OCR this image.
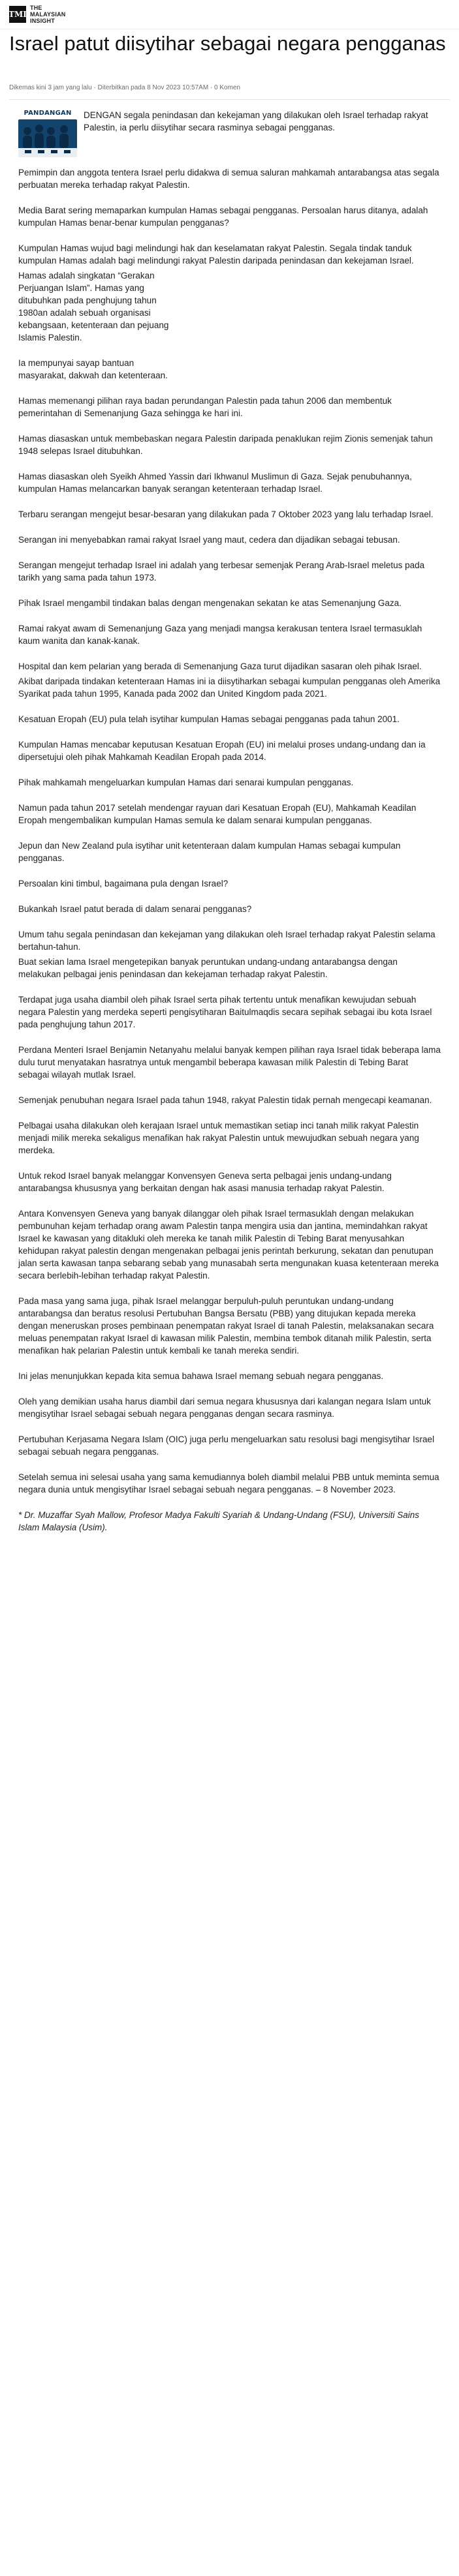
TMI
THE
MALAYSIAN
INSIGHT
Israel patut diisytihar sebagai negara pengganas
Dikemas kini 3 jam yang lalu · Diterbitkan pada 8 Nov 2023 10:57AM · 0 Komen
PANDANGAN	DENGAN segala penindasan dan kekejaman yang dilakukan oleh Israel terhadap rakyat Palestin, ia perlu diisytihar secara rasminya sebagai pengganas.

Pemimpin dan anggota tentera Israel perlu didakwa di semua saluran mahkamah antarabangsa atas segala perbuatan mereka terhadap rakyat Palestin.

Media Barat sering memaparkan kumpulan Hamas sebagai pengganas. Persoalan harus ditanya, adalah kumpulan Hamas benar-benar kumpulan pengganas?

Kumpulan Hamas wujud bagi melindungi hak dan keselamatan rakyat Palestin. Segala tindak tanduk kumpulan Hamas adalah bagi melindungi rakyat Palestin daripada penindasan dan kekejaman Israel.

Hamas adalah singkatan “Gerakan Perjuangan Islam”. Hamas yang ditubuhkan pada penghujung tahun 1980an adalah sebuah organisasi kebangsaan, ketenteraan dan pejuang Islamis Palestin.

Ia mempunyai sayap bantuan masyarakat, dakwah dan ketenteraan.

Hamas memenangi pilihan raya badan perundangan Palestin pada tahun 2006 dan membentuk pemerintahan di Semenanjung Gaza sehingga ke hari ini.

Hamas diasaskan untuk membebaskan negara Palestin daripada penaklukan rejim Zionis semenjak tahun 1948 selepas Israel ditubuhkan.

Hamas diasaskan oleh Syeikh Ahmed Yassin dari Ikhwanul Muslimun di Gaza. Sejak penubuhannya, kumpulan Hamas melancarkan banyak serangan ketenteraan terhadap Israel.

Terbaru serangan mengejut besar-besaran yang dilakukan pada 7 Oktober 2023 yang lalu terhadap Israel.

Serangan ini menyebabkan ramai rakyat Israel yang maut, cedera dan dijadikan sebagai tebusan.

Serangan mengejut terhadap Israel ini adalah yang terbesar semenjak Perang Arab-Israel meletus pada tarikh yang sama pada tahun 1973.

Pihak Israel mengambil tindakan balas dengan mengenakan sekatan ke atas Semenanjung Gaza.

Ramai rakyat awam di Semenanjung Gaza yang menjadi mangsa kerakusan tentera Israel termasuklah kaum wanita dan kanak-kanak.

Hospital dan kem pelarian yang berada di Semenanjung Gaza turut dijadikan sasaran oleh pihak Israel.

Akibat daripada tindakan ketenteraan Hamas ini ia diisytiharkan sebagai kumpulan pengganas oleh Amerika Syarikat pada tahun 1995, Kanada pada 2002 dan United Kingdom pada 2021.

Kesatuan Eropah (EU) pula telah isytihar kumpulan Hamas sebagai pengganas pada tahun 2001.

Kumpulan Hamas mencabar keputusan Kesatuan Eropah (EU) ini melalui proses undang-undang dan ia dipersetujui oleh pihak Mahkamah Keadilan Eropah pada 2014.

Pihak mahkamah mengeluarkan kumpulan Hamas dari senarai kumpulan pengganas.

Namun pada tahun 2017 setelah mendengar rayuan dari Kesatuan Eropah (EU), Mahkamah Keadilan Eropah mengembalikan kumpulan Hamas semula ke dalam senarai kumpulan pengganas.

Jepun dan New Zealand pula isytihar unit ketenteraan dalam kumpulan Hamas sebagai kumpulan pengganas.

Persoalan kini timbul, bagaimana pula dengan Israel?

Bukankah Israel patut berada di dalam senarai pengganas?

Umum tahu segala penindasan dan kekejaman yang dilakukan oleh Israel terhadap rakyat Palestin selama bertahun-tahun.

Buat sekian lama Israel mengetepikan banyak peruntukan undang-undang antarabangsa dengan melakukan pelbagai jenis penindasan dan kekejaman terhadap rakyat Palestin.

Terdapat juga usaha diambil oleh pihak Israel serta pihak tertentu untuk menafikan kewujudan sebuah negara Palestin yang merdeka seperti pengisytiharan Baitulmaqdis secara sepihak sebagai ibu kota Israel pada penghujung tahun 2017.

Perdana Menteri Israel Benjamin Netanyahu melalui banyak kempen pilihan raya Israel tidak beberapa lama dulu turut menyatakan hasratnya untuk mengambil beberapa kawasan milik Palestin di Tebing Barat sebagai wilayah mutlak Israel.

Semenjak penubuhan negara Israel pada tahun 1948, rakyat Palestin tidak pernah mengecapi keamanan.

Pelbagai usaha dilakukan oleh kerajaan Israel untuk memastikan setiap inci tanah milik rakyat Palestin menjadi milik mereka sekaligus menafikan hak rakyat Palestin untuk mewujudkan sebuah negara yang merdeka.

Untuk rekod Israel banyak melanggar Konvensyen Geneva serta pelbagai jenis undang-undang antarabangsa khususnya yang berkaitan dengan hak asasi manusia terhadap rakyat Palestin.

Antara Konvensyen Geneva yang banyak dilanggar oleh pihak Israel termasuklah dengan melakukan pembunuhan kejam terhadap orang awam Palestin tanpa mengira usia dan jantina, memindahkan rakyat Israel ke kawasan yang ditakluki oleh mereka ke tanah milik Palestin di Tebing Barat menyusahkan kehidupan rakyat palestin dengan mengenakan pelbagai jenis perintah berkurung, sekatan dan penutupan jalan serta kawasan tanpa sebarang sebab yang munasabah serta mengunakan kuasa ketenteraan mereka secara berlebih-lebihan terhadap rakyat Palestin.

Pada masa yang sama juga, pihak Israel melanggar berpuluh-puluh peruntukan undang-undang antarabangsa dan beratus resolusi Pertubuhan Bangsa Bersatu (PBB) yang ditujukan kepada mereka dengan meneruskan proses pembinaan penempatan rakyat Israel di tanah Palestin, melaksanakan secara meluas penempatan rakyat Israel di kawasan milik Palestin, membina tembok ditanah milik Palestin, serta menafikan hak pelarian Palestin untuk kembali ke tanah mereka sendiri.

Ini jelas menunjukkan kepada kita semua bahawa Israel memang sebuah negara pengganas.

Oleh yang demikian usaha harus diambil dari semua negara khususnya dari kalangan negara Islam untuk mengisytihar Israel sebagai sebuah negara pengganas dengan secara rasminya.

Pertubuhan Kerjasama Negara Islam (OIC) juga perlu mengeluarkan satu resolusi bagi mengisytihar Israel sebagai sebuah negara pengganas.

Setelah semua ini selesai usaha yang sama kemudiannya boleh diambil melalui PBB untuk meminta semua negara dunia untuk mengisytihar Israel sebagai sebuah negara pengganas. – 8 November 2023.

* Dr. Muzaffar Syah Mallow, Profesor Madya Fakulti Syariah & Undang-Undang (FSU), Universiti Sains Islam Malaysia (Usim).
